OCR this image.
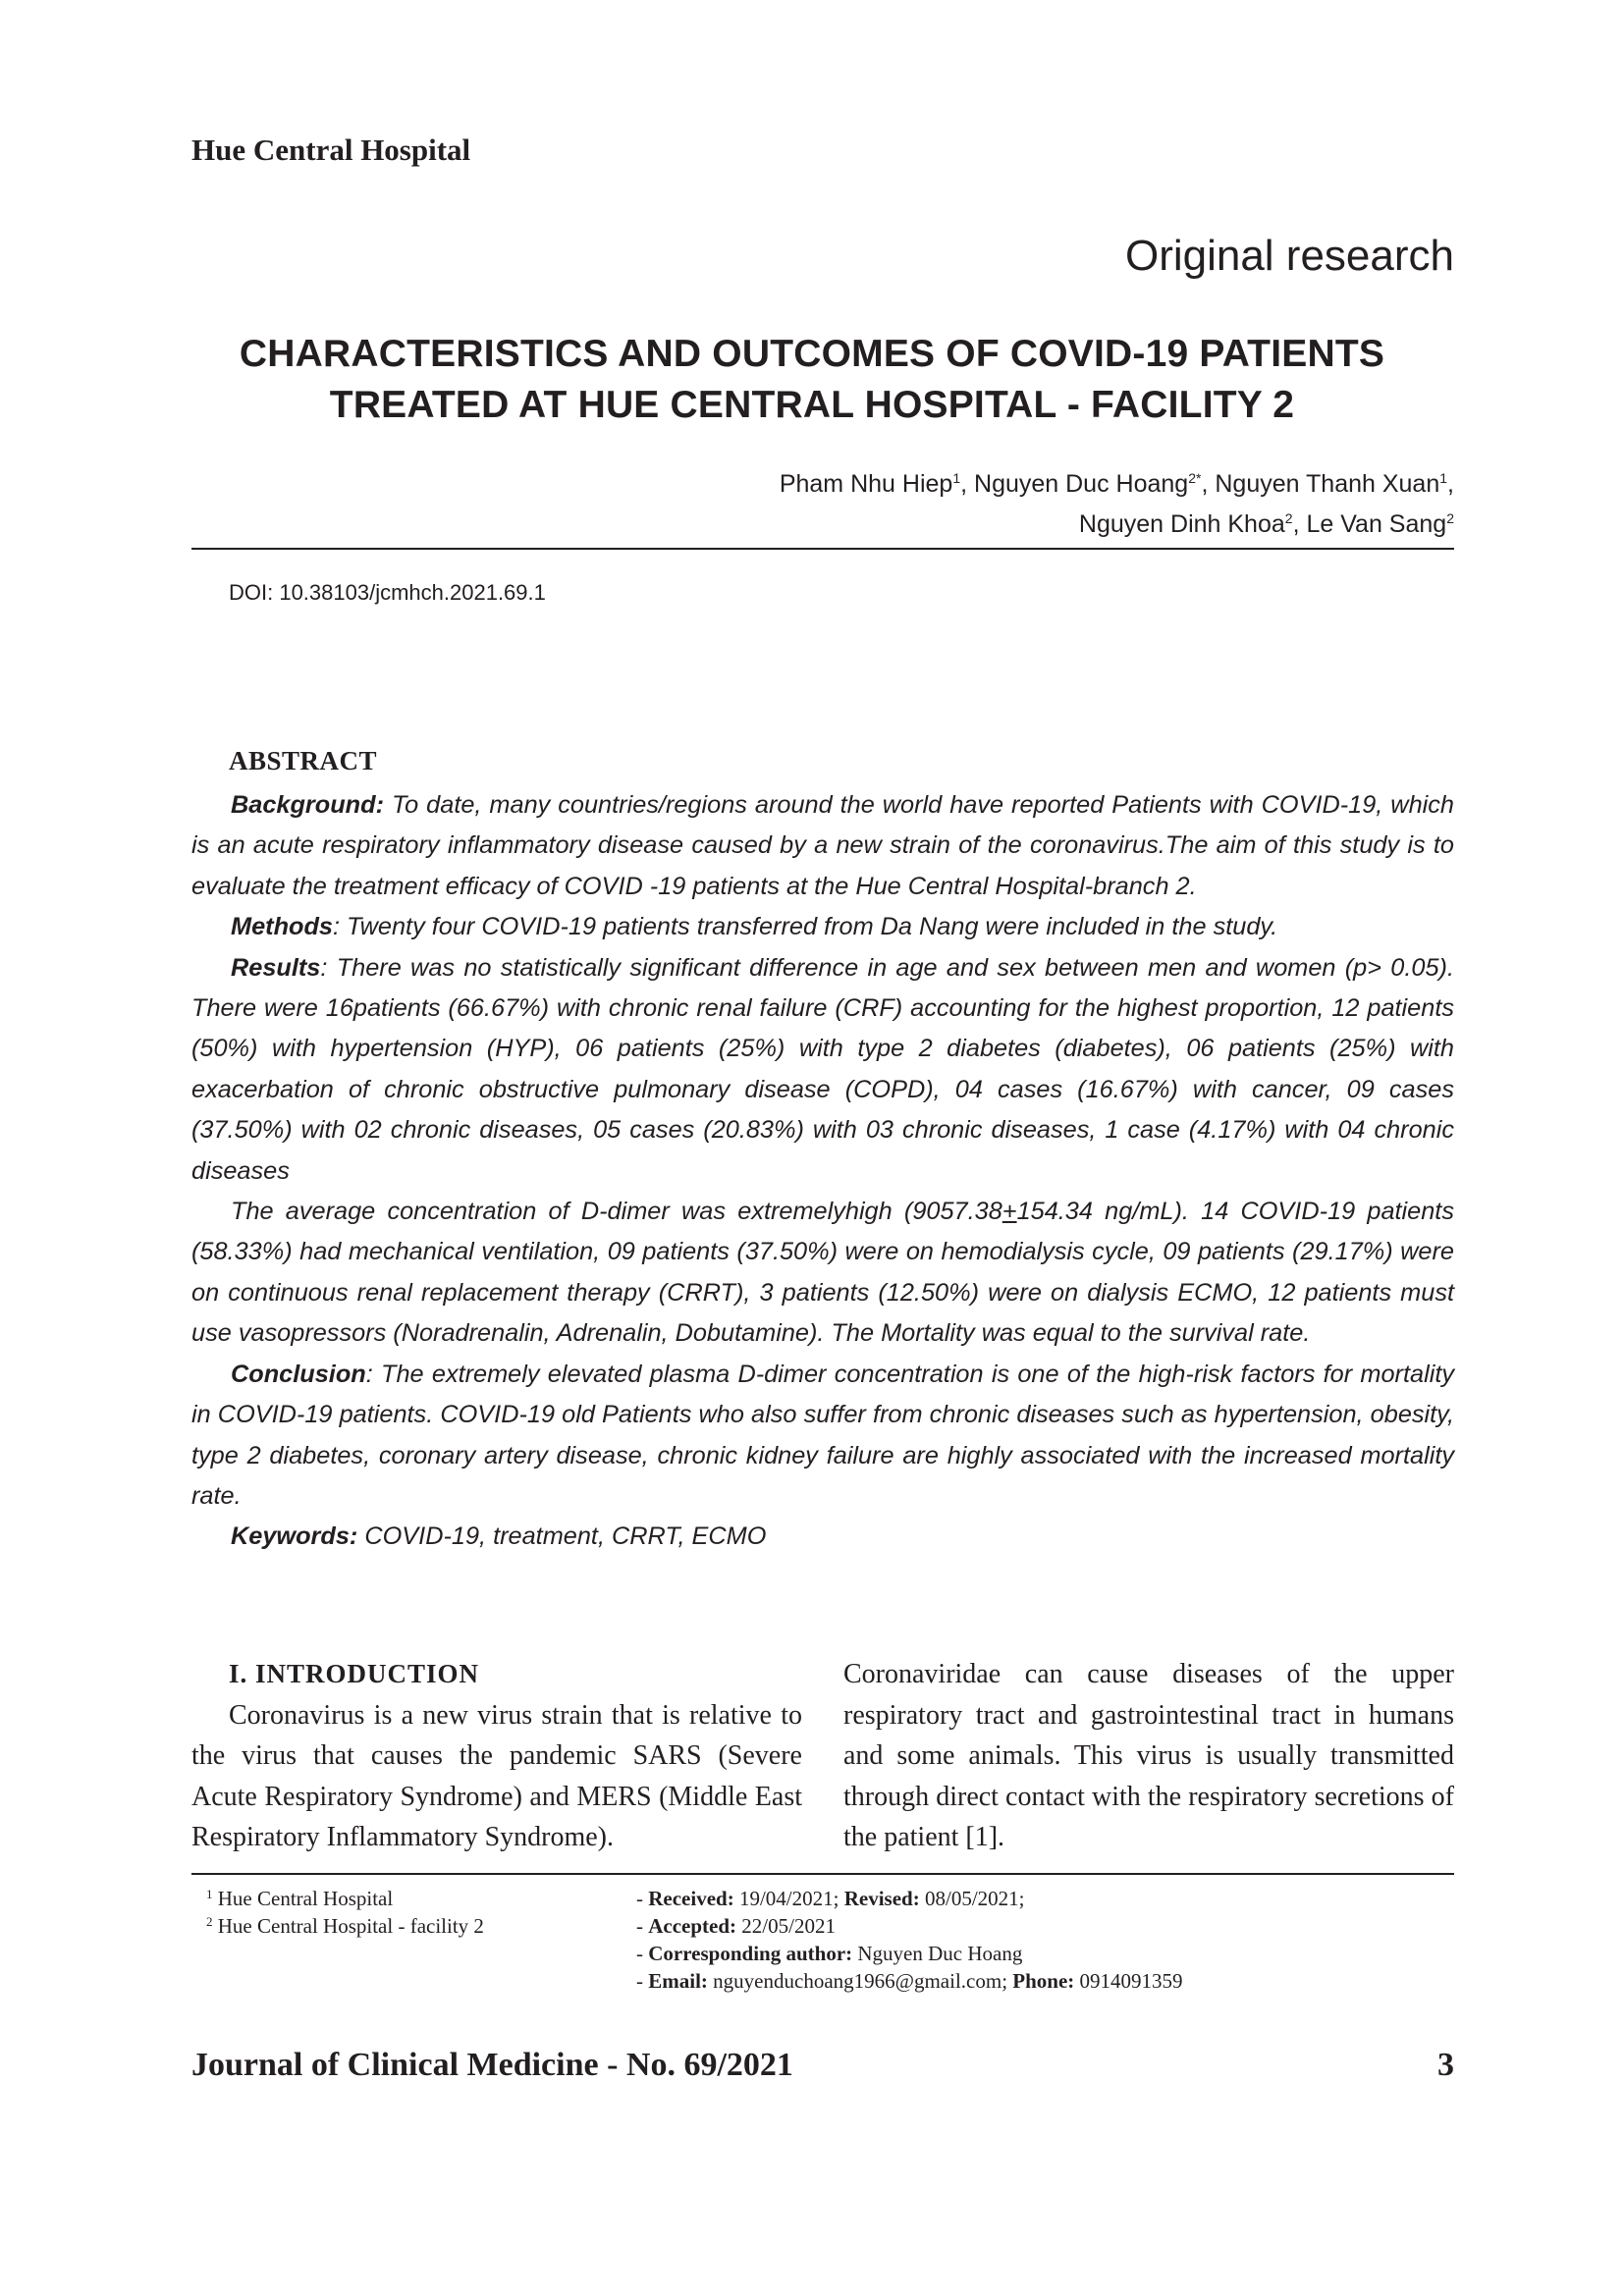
Hue Central Hospital
Original research
CHARACTERISTICS AND OUTCOMES OF COVID-19 PATIENTS
TREATED AT HUE CENTRAL HOSPITAL - FACILITY 2
Pham Nhu Hiep$^1$, Nguyen Duc Hoang$^{2*}$, Nguyen Thanh Xuan$^1$,
Nguyen Dinh Khoa$^2$, Le Van Sang$^2$
DOI: 10.38103/jcmhch.2021.69.1
ABSTRACT

Background: To date, many countries/regions around the world have reported Patients with COVID-19, which is an acute respiratory inflammatory disease caused by a new strain of the coronavirus.The aim of this study is to evaluate the treatment efficacy of COVID -19 patients at the Hue Central Hospital-branch 2.

Methods: Twenty four COVID-19 patients transferred from Da Nang were included in the study.

Results: There was no statistically significant difference in age and sex between men and women (p> 0.05). There were 16patients (66.67%) with chronic renal failure (CRF) accounting for the highest proportion, 12 patients (50%) with hypertension (HYP), 06 patients (25%) with type 2 diabetes (diabetes), 06 patients (25%) with exacerbation of chronic obstructive pulmonary disease (COPD), 04 cases (16.67%) with cancer, 09 cases (37.50%) with 02 chronic diseases, 05 cases (20.83%) with 03 chronic diseases, 1 case (4.17%) with 04 chronic diseases

The average concentration of D-dimer was extremelyhigh (9057.38+154.34 ng/mL). 14 COVID-19 patients (58.33%) had mechanical ventilation, 09 patients (37.50%) were on hemodialysis cycle, 09 patients (29.17%) were on continuous renal replacement therapy (CRRT), 3 patients (12.50%) were on dialysis ECMO, 12 patients must use vasopressors (Noradrenalin, Adrenalin, Dobutamine). The Mortality was equal to the survival rate.

Conclusion: The extremely elevated plasma D-dimer concentration is one of the high-risk factors for mortality in COVID-19 patients. COVID-19 old Patients who also suffer from chronic diseases such as hypertension, obesity, type 2 diabetes, coronary artery disease, chronic kidney failure are highly associated with the increased mortality rate.

Keywords: COVID-19, treatment, CRRT, ECMO

I. INTRODUCTION

Coronavirus is a new virus strain that is relative to the virus that causes the pandemic SARS (Severe Acute Respiratory Syndrome) and MERS (Middle East Respiratory Inflammatory Syndrome).

Coronaviridae can cause diseases of the upper respiratory tract and gastrointestinal tract in humans and some animals. This virus is usually transmitted through direct contact with the respiratory secretions of the patient [1].

$^1$ Hue Central Hospital
$^2$ Hue Central Hospital - facility 2
- Received: 19/04/2021; Revised: 08/05/2021;
- Accepted: 22/05/2021
- Corresponding author: Nguyen Duc Hoang
- Email: nguyenduchoang1966@gmail.com; Phone: 0914091359
Journal of Clinical Medicine - No. 69/2021	3
